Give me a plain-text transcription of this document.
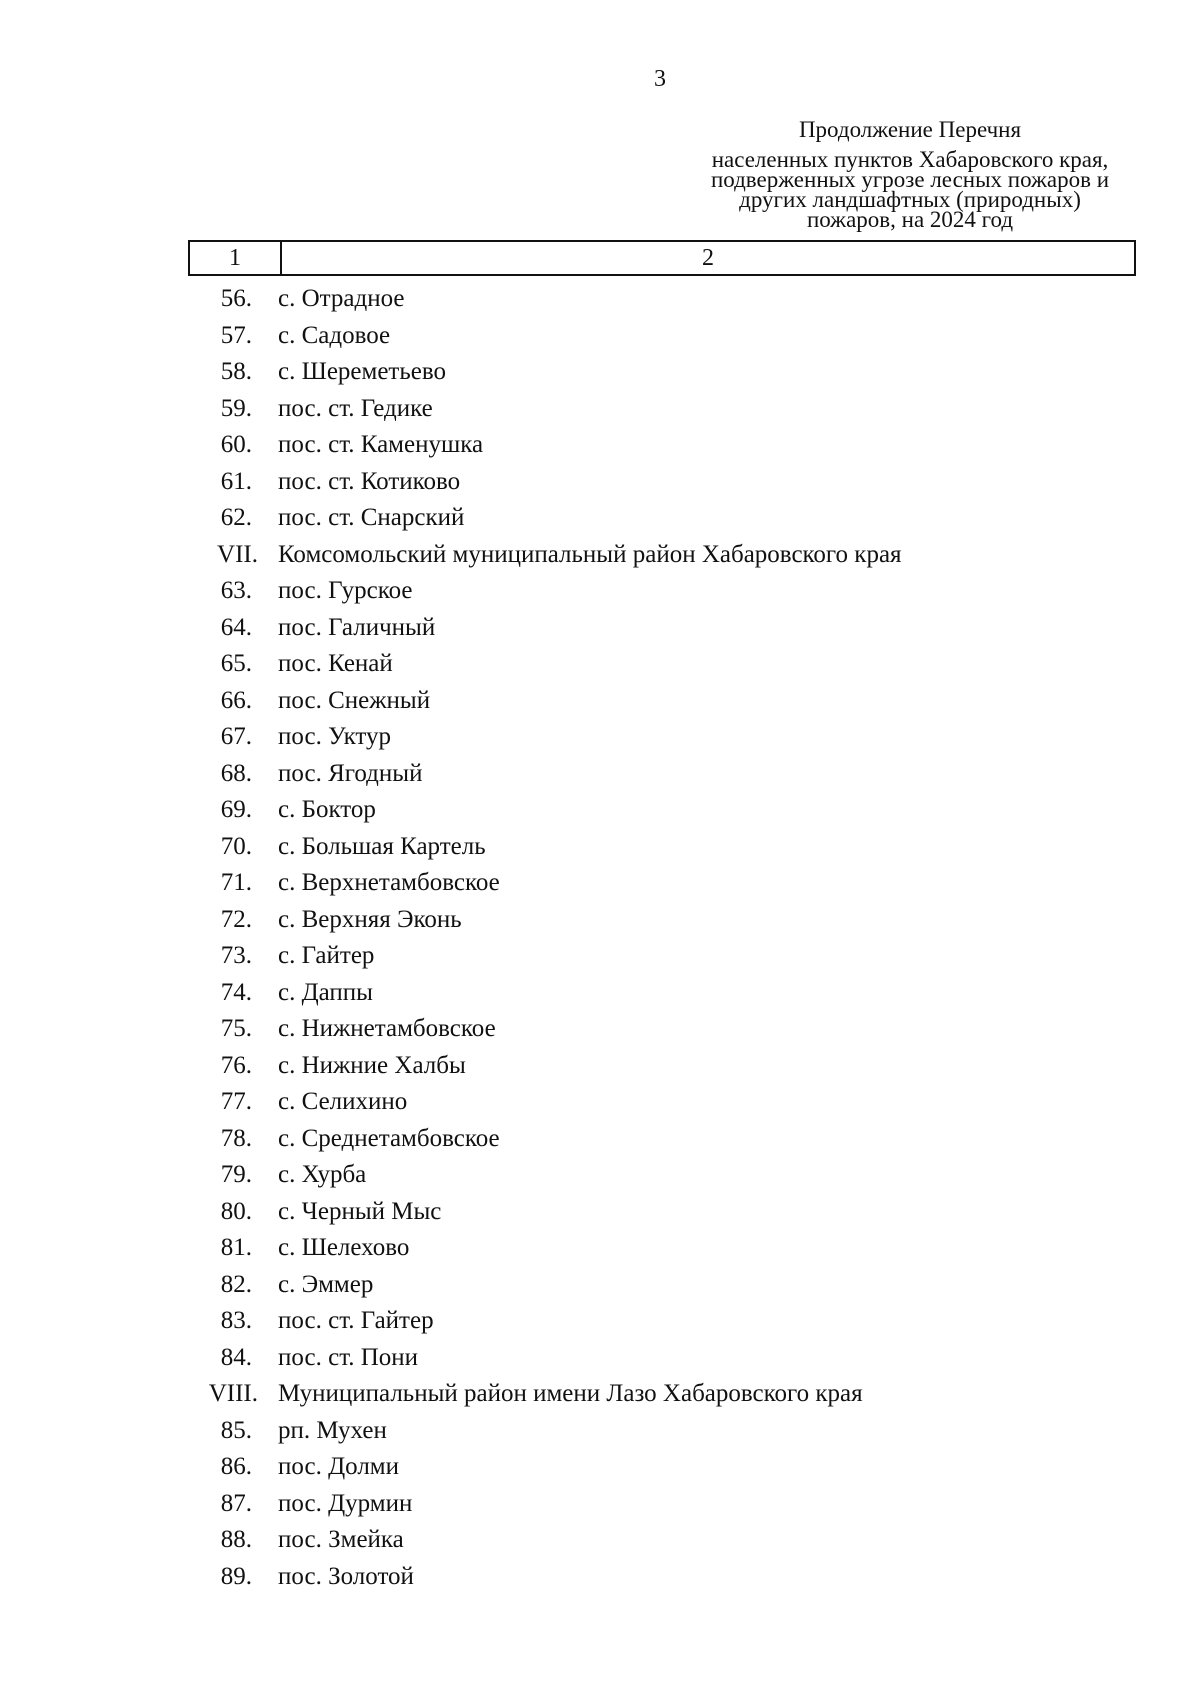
3
Продолжение Перечня
населенных пунктов Хабаровского края,
подверженных угрозе лесных пожаров и
других ландшафтных (природных)
пожаров, на 2024 год
1	2
56. с. Отрадное
57. с. Садовое
58. с. Шереметьево
59. пос. ст. Гедике
60. пос. ст. Каменушка
61. пос. ст. Котиково
62. пос. ст. Снарский
VII. Комсомольский муниципальный район Хабаровского края
63. пос. Гурское
64. пос. Галичный
65. пос. Кенай
66. пос. Снежный
67. пос. Уктур
68. пос. Ягодный
69. с. Боктор
70. с. Большая Картель
71. с. Верхнетамбовское
72. с. Верхняя Эконь
73. с. Гайтер
74. с. Даппы
75. с. Нижнетамбовское
76. с. Нижние Халбы
77. с. Селихино
78. с. Среднетамбовское
79. с. Хурба
80. с. Черный Мыс
81. с. Шелехово
82. с. Эммер
83. пос. ст. Гайтер
84. пос. ст. Пони
VIII. Муниципальный район имени Лазо Хабаровского края
85. рп. Мухен
86. пос. Долми
87. пос. Дурмин
88. пос. Змейка
89. пос. Золотой
